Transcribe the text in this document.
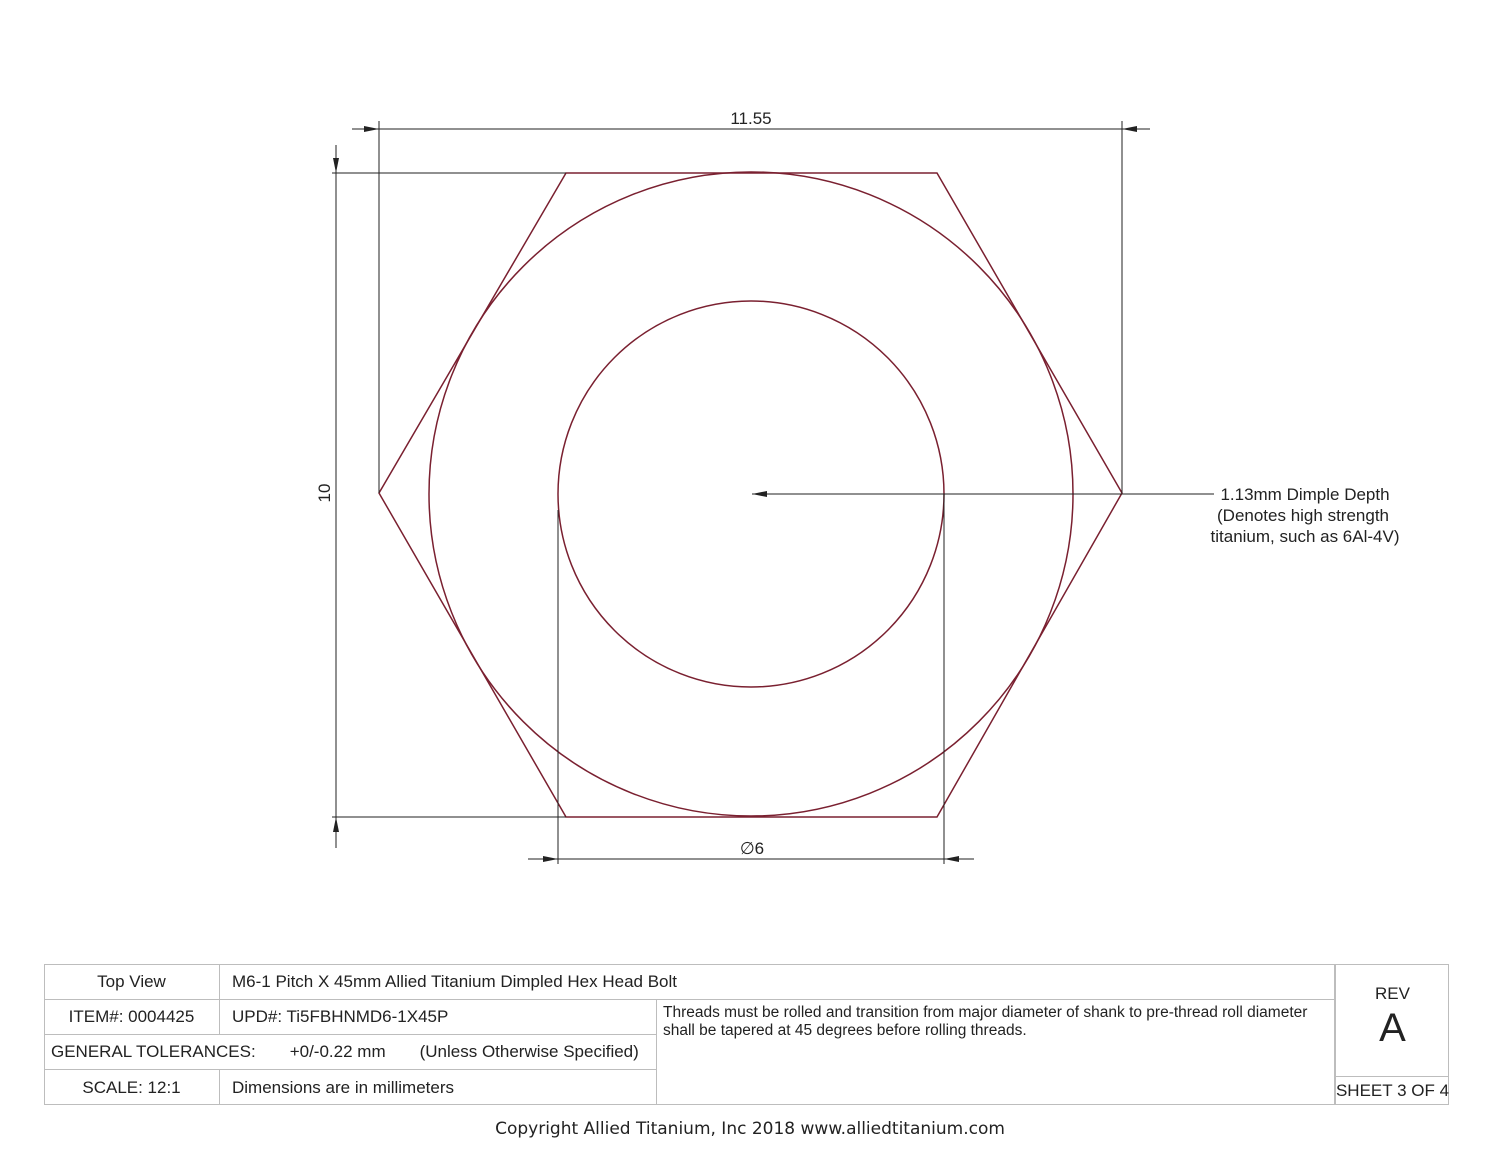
11.55
10
∅6
1.13mm Dimple Depth
(Denotes high strength
titanium, such as 6Al-4V)
Top View	M6-1 Pitch X 45mm Allied Titanium Dimpled Hex Head Bolt
ITEM#: 0004425 UPD#: Ti5FBHNMD6-1X45P	Threads must be rolled and transition from major diameter of shank to pre-thread roll diameter shall be tapered at 45 degrees before rolling threads.
GENERAL TOLERANCES: +0/-0.22 mm (Unless Otherwise Specified)
SCALE: 12:1	Dimensions are in millimeters
REV
A
SHEET 3 OF 4
Copyright Allied Titanium, Inc 2018 www.alliedtitanium.com
